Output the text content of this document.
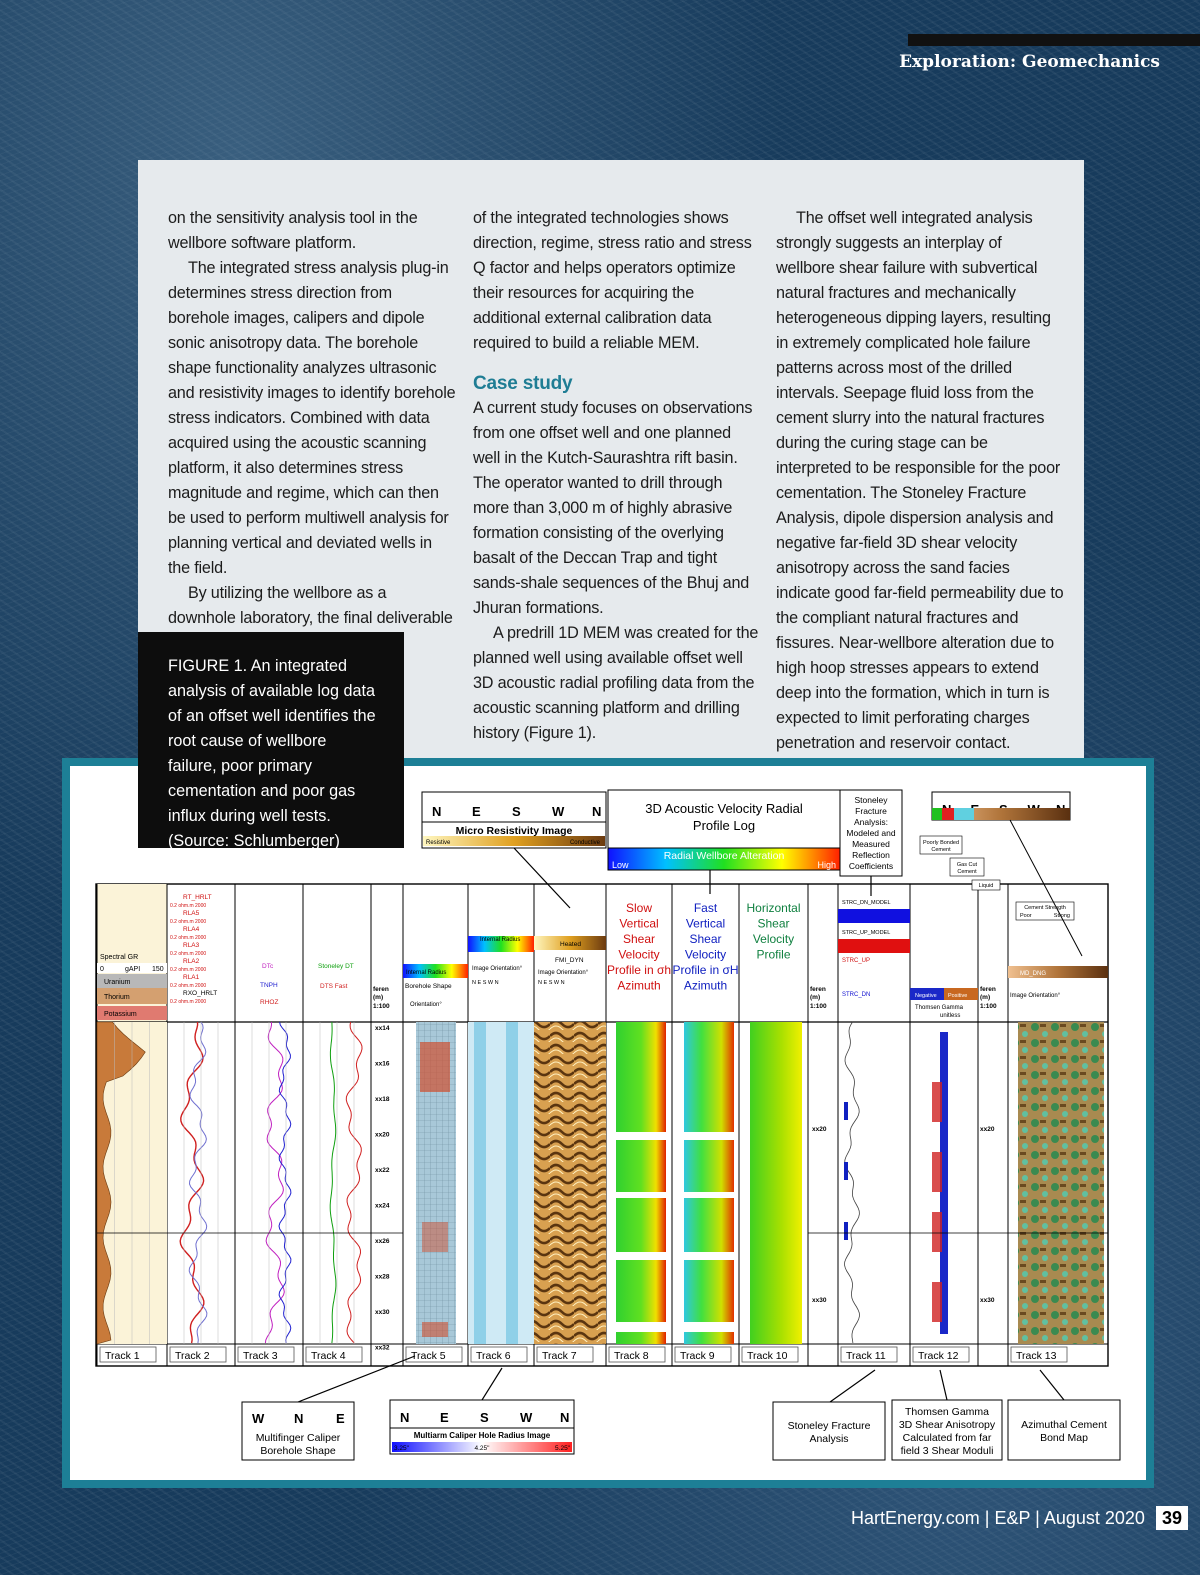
Exploration: Geomechanics

on the sensitivity analysis tool in the wellbore software platform.

The integrated stress analysis plug-in determines stress direction from borehole images, calipers and dipole sonic anisotropy data. The borehole shape functionality analyzes ultrasonic and resistivity images to identify borehole stress indicators. Combined with data acquired using the acoustic scanning platform, it also determines stress magnitude and regime, which can then be used to perform multiwell analysis for planning vertical and deviated wells in the field.

By utilizing the wellbore as a downhole laboratory, the final deliverable

of the integrated technologies shows direction, regime, stress ratio and stress Q factor and helps operators optimize their resources for acquiring the additional external calibration data required to build a reliable MEM.

Case study

A current study focuses on observations from one offset well and one planned well in the Kutch-Saurashtra rift basin. The operator wanted to drill through more than 3,000 m of highly abrasive formation consisting of the overlying basalt of the Deccan Trap and tight sands-shale sequences of the Bhuj and Jhuran formations.

A predrill 1D MEM was created for the planned well using available offset well 3D acoustic radial profiling data from the acoustic scanning platform and drilling history (Figure 1).

The offset well integrated analysis strongly suggests an interplay of wellbore shear failure with subvertical natural fractures and mechanically heterogeneous dipping layers, resulting in extremely complicated hole failure patterns across most of the drilled intervals. Seepage fluid loss from the cement slurry into the natural fractures during the curing stage can be interpreted to be responsible for the poor cementation. The Stoneley Fracture Analysis, dipole dispersion analysis and negative far-field 3D shear velocity anisotropy across the sand facies indicate good far-field permeability due to the compliant natural fractures and fissures. Near-wellbore alteration due to high hoop stresses appears to extend deep into the formation, which in turn is expected to limit perforating charges penetration and reservoir contact.

FIGURE 1. An integrated analysis of available log data of an offset well identifies the root cause of wellbore failure, poor primary cementation and poor gas influx during well tests. (Source: Schlumberger)
Spectral GR
0	gAPI 150
Uranium
Thorium
Potassium
RT_HRLT
0.2 ohm.m 2000
RLA5
0.2 ohm.m 2000
RLA4
0.2 ohm.m 2000
RLA3
0.2 ohm.m 2000
RLA2
0.2 ohm.m 2000
RLA1
0.2 ohm.m 2000
RXO_HRLT
0.2 ohm.m 2000
DTc
TNPH
RHOZ
Stoneley DT
DTS Fast	feren
(m)
1:100
feren
(m)
1:100
feren
(m)
1:100
Internal Radius
Borehole Shape
Orientation°
Internal Radius
Image Orientation°
N E S W N
Heated
FMI_DYN
Image Orientation°
N E S W N
Slow
Vertical
Shear
Velocity
Profile in σh
Azimuth
Fast
Vertical
Shear
Velocity
Profile in σH
Azimuth
Horizontal
Shear
Velocity
Profile
STRC_DN_MODEL
STRC_UP_MODEL
STRC_UP
STRC_DN	Negative Positive
Thomsen Gamma
unitless
MD_DNG
Image Orientation°
xx14
xx16
xx18
xx20
xx22
xx24
xx26
xx28
xx30
xx32
xx20
xx30
xx20
xx30
Track 1	Track 2	Track 3	Track 4	Track 5	Track 6	Track 7	Track 8	Track 9	Track 10	Track 11	Track 12	Track 13
N E S W N
Micro Resistivity Image
Resistive	Conductive
3D Acoustic Velocity Radial
Profile Log
Radial Wellbore Alteration
Low	High
Stoneley
Fracture
Analysis:
Modeled and
Measured
Reflection
Coefficients
Poorly Bonded
Cement
Gas Cut
Cement
Liquid
Cement Strength
Poor	Strong
W N	E
Multifinger Caliper
Borehole Shape
N E S W N
Multiarm Caliper Hole Radius Image
3.25"	4.25"	5.25"
Stoneley Fracture
Analysis
Thomsen Gamma
3D Shear Anisotropy
Calculated from far
field 3 Shear Moduli
Azimuthal Cement
Bond Map
HartEnergy.com | E&P | August 2020 39
